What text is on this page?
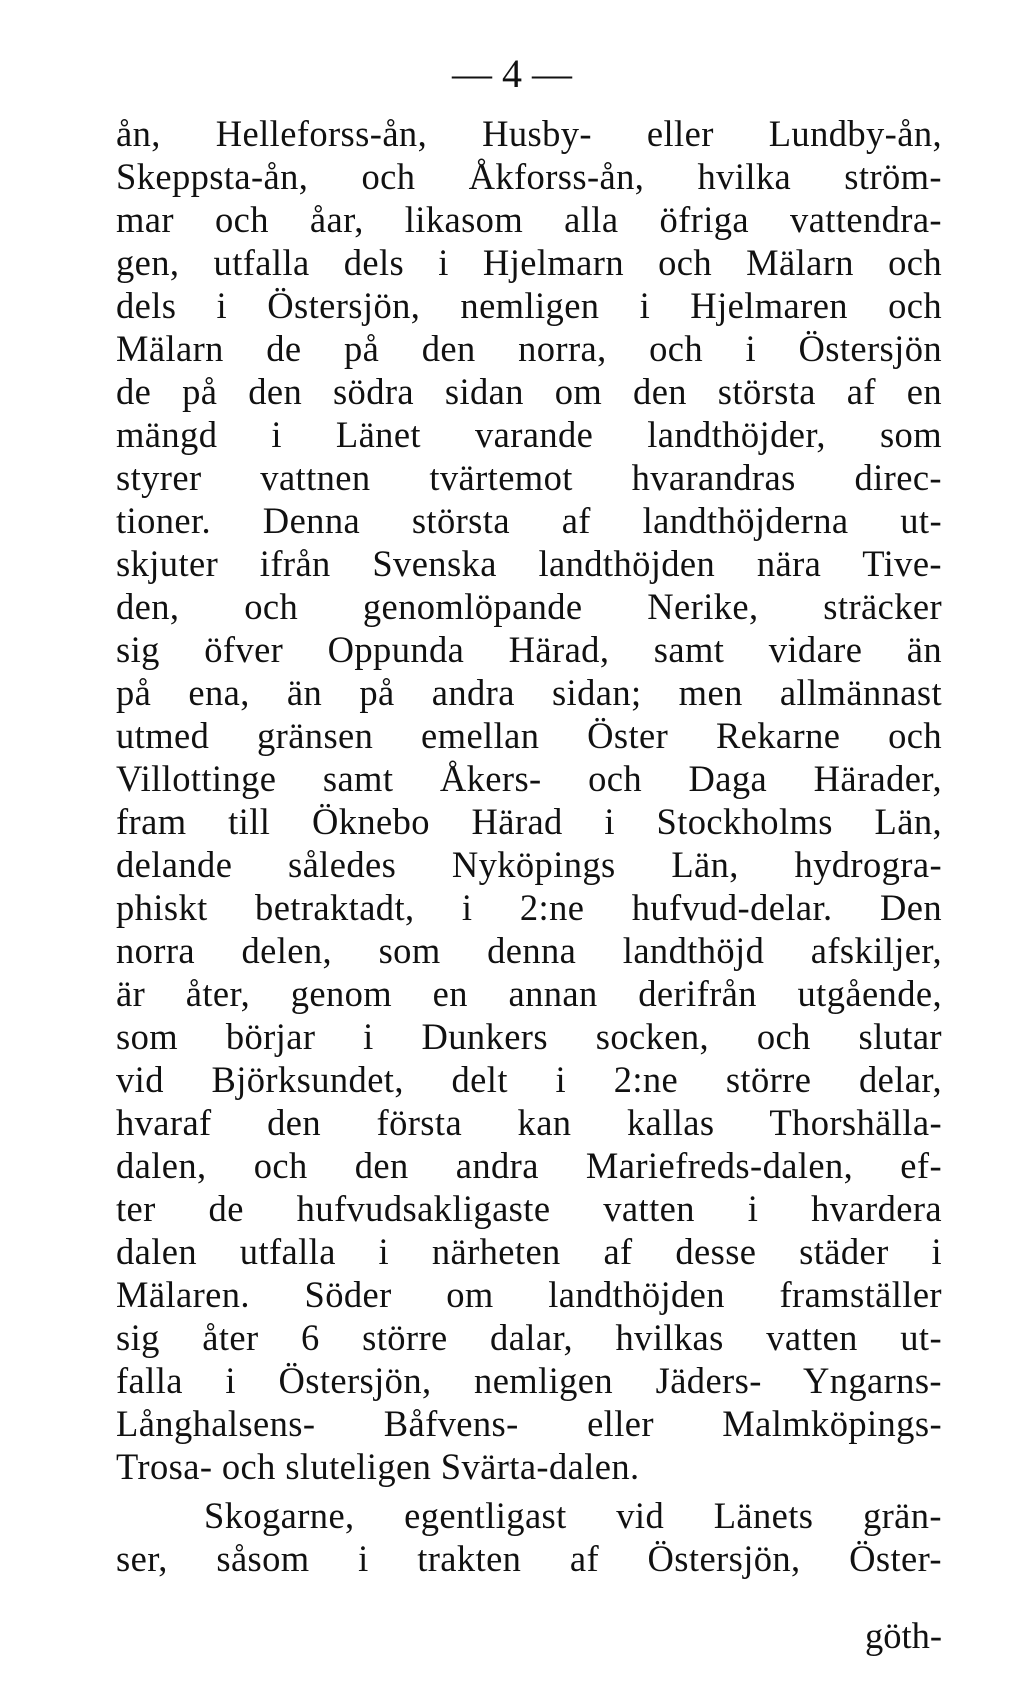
— 4 —
ån, Helleforss-ån, Husby- eller Lundby-ån,
Skeppsta-ån, och Åkforss-ån, hvilka ström-
mar och åar, likasom alla öfriga vattendra-
gen, utfalla dels i Hjelmarn och Mälarn och
dels i Östersjön, nemligen i Hjelmaren och
Mälarn de på den norra, och i Östersjön
de på den södra sidan om den största af en
mängd i Länet varande landthöjder, som
styrer vattnen tvärtemot hvarandras direc-
tioner. Denna största af landthöjderna ut-
skjuter ifrån Svenska landthöjden nära Tive-
den, och genomlöpande Nerike, sträcker
sig öfver Oppunda Härad, samt vidare än
på ena, än på andra sidan; men allmännast
utmed gränsen emellan Öster Rekarne och
Villottinge samt Åkers- och Daga Härader,
fram till Öknebo Härad i Stockholms Län,
delande således Nyköpings Län, hydrogra-
phiskt betraktadt, i 2:ne hufvud-delar. Den
norra delen, som denna landthöjd afskiljer,
är åter, genom en annan derifrån utgående,
som börjar i Dunkers socken, och slutar
vid Björksundet, delt i 2:ne större delar,
hvaraf den första kan kallas Thorshälla-
dalen, och den andra Mariefreds-dalen, ef-
ter de hufvudsakligaste vatten i hvardera
dalen utfalla i närheten af desse städer i
Mälaren. Söder om landthöjden framställer
sig åter 6 större dalar, hvilkas vatten ut-
falla i Östersjön, nemligen Jäders- Yngarns-
Långhalsens- Båfvens- eller Malmköpings-
Trosa- och sluteligen Svärta-dalen.
Skogarne, egentligast vid Länets grän-
ser, såsom i trakten af Östersjön, Öster-
göth-
